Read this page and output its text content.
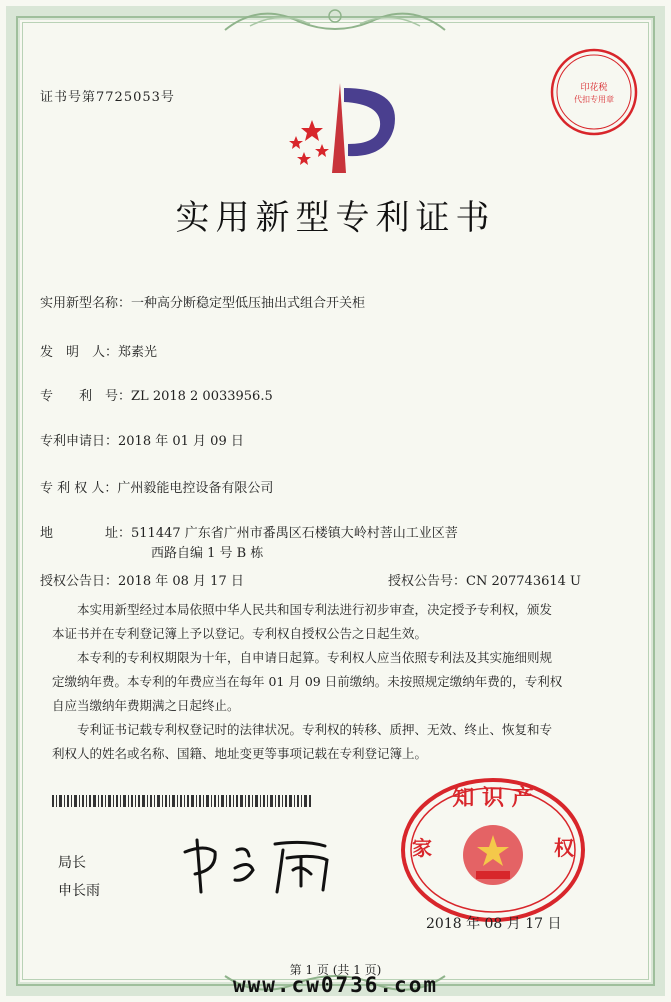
证书号第7725053号
印花税
代扣专用章
实用新型专利证书
实用新型名称：一种高分断稳定型低压抽出式组合开关柜
发　明　人：郑素光
专　　利　号：ZL 2018 2 0033956.5
专利申请日：2018 年 01 月 09 日
专 利 权 人：广州毅能电控设备有限公司
地　　　　址：511447 广东省广州市番禺区石楼镇大岭村菩山工业区菩
西路自编 1 号 B 栋
授权公告日：2018 年 08 月 17 日	授权公告号：CN 207743614 U

本实用新型经过本局依照中华人民共和国专利法进行初步审查，决定授予专利权，颁发

本证书并在专利登记簿上予以登记。专利权自授权公告之日起生效。

本专利的专利权期限为十年，自申请日起算。专利权人应当依照专利法及其实施细则规

定缴纳年费。本专利的年费应当在每年 01 月 09 日前缴纳。未按照规定缴纳年费的，专利权

自应当缴纳年费期满之日起终止。

专利证书记载专利权登记时的法律状况。专利权的转移、质押、无效、终止、恢复和专

利权人的姓名或名称、国籍、地址变更等事项记载在专利登记簿上。

局长
申长雨
知 识 产
家	权
2018 年 08 月 17 日
第 1 页 (共 1 页)
www.cw0736.com
